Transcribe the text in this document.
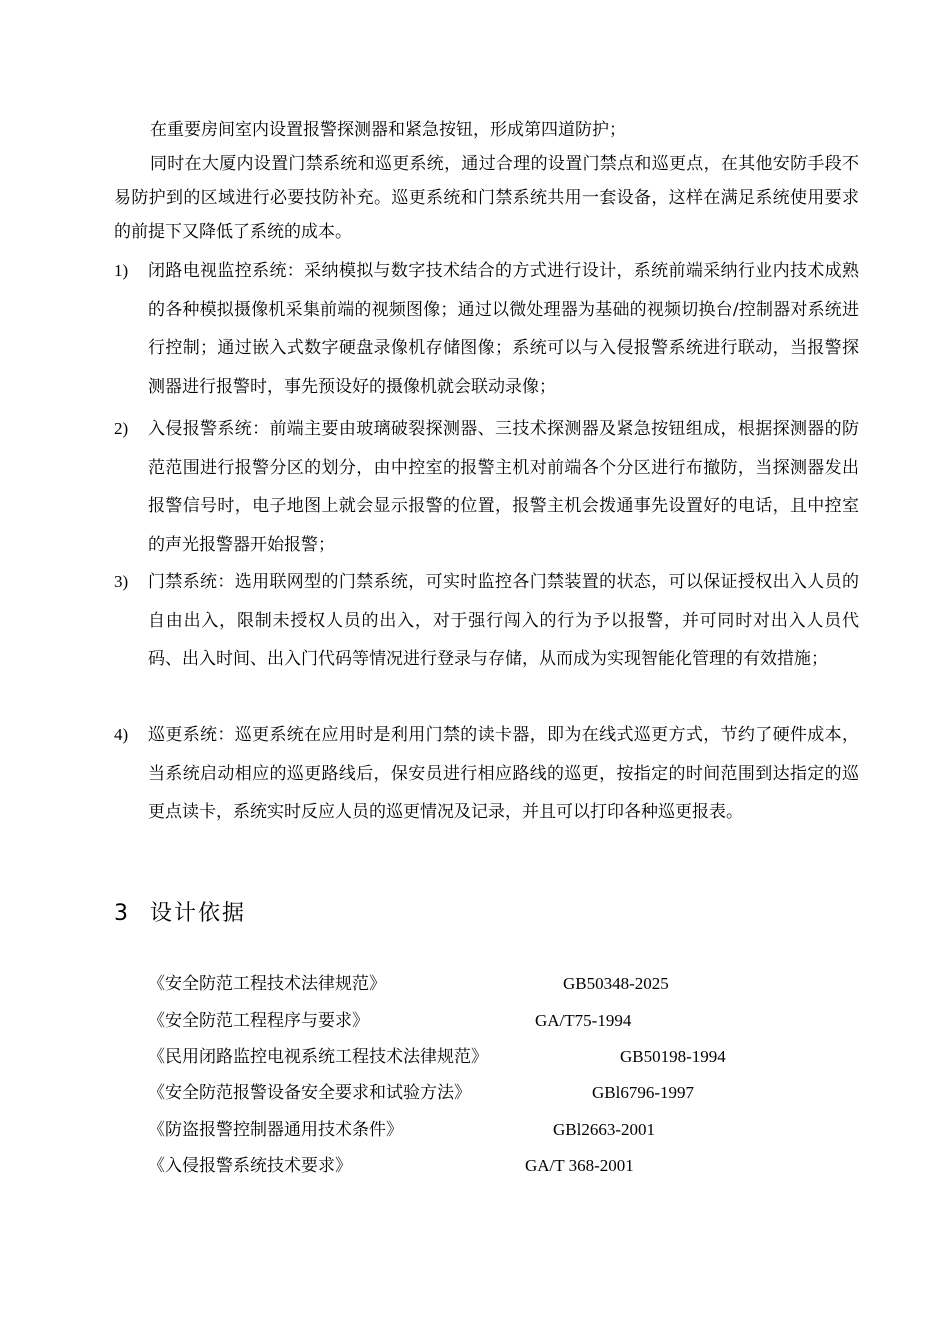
在重要房间室内设置报警探测器和紧急按钮，形成第四道防护；

同时在大厦内设置门禁系统和巡更系统，通过合理的设置门禁点和巡更点，在其他安防手段不易防护到的区域进行必要技防补充。巡更系统和门禁系统共用一套设备，这样在满足系统使用要求的前提下又降低了系统的成本。

1) 闭路电视监控系统：采纳模拟与数字技术结合的方式进行设计，系统前端采纳行业内技术成熟的各种模拟摄像机采集前端的视频图像；通过以微处理器为基础的视频切换台/控制器对系统进行控制；通过嵌入式数字硬盘录像机存储图像；系统可以与入侵报警系统进行联动，当报警探测器进行报警时，事先预设好的摄像机就会联动录像；
2) 入侵报警系统：前端主要由玻璃破裂探测器、三技术探测器及紧急按钮组成，根据探测器的防范范围进行报警分区的划分，由中控室的报警主机对前端各个分区进行布撤防，当探测器发出报警信号时，电子地图上就会显示报警的位置，报警主机会拨通事先设置好的电话，且中控室的声光报警器开始报警；
3) 门禁系统：选用联网型的门禁系统，可实时监控各门禁装置的状态，可以保证授权出入人员的自由出入，限制未授权人员的出入，对于强行闯入的行为予以报警，并可同时对出入人员代码、出入时间、出入门代码等情况进行登录与存储，从而成为实现智能化管理的有效措施；
4) 巡更系统：巡更系统在应用时是利用门禁的读卡器，即为在线式巡更方式，节约了硬件成本，当系统启动相应的巡更路线后，保安员进行相应路线的巡更，按指定的时间范围到达指定的巡更点读卡，系统实时反应人员的巡更情况及记录，并且可以打印各种巡更报表。
3 设计依据
《安全防范工程技术法律规范》	GB50348-2025
《安全防范工程程序与要求》	GA/T75-1994
《民用闭路监控电视系统工程技术法律规范》	GB50198-1994
《安全防范报警设备安全要求和试验方法》	GBl6796-1997
《防盗报警控制器通用技术条件》	GBl2663-2001
《入侵报警系统技术要求》	GA/T 368-2001
